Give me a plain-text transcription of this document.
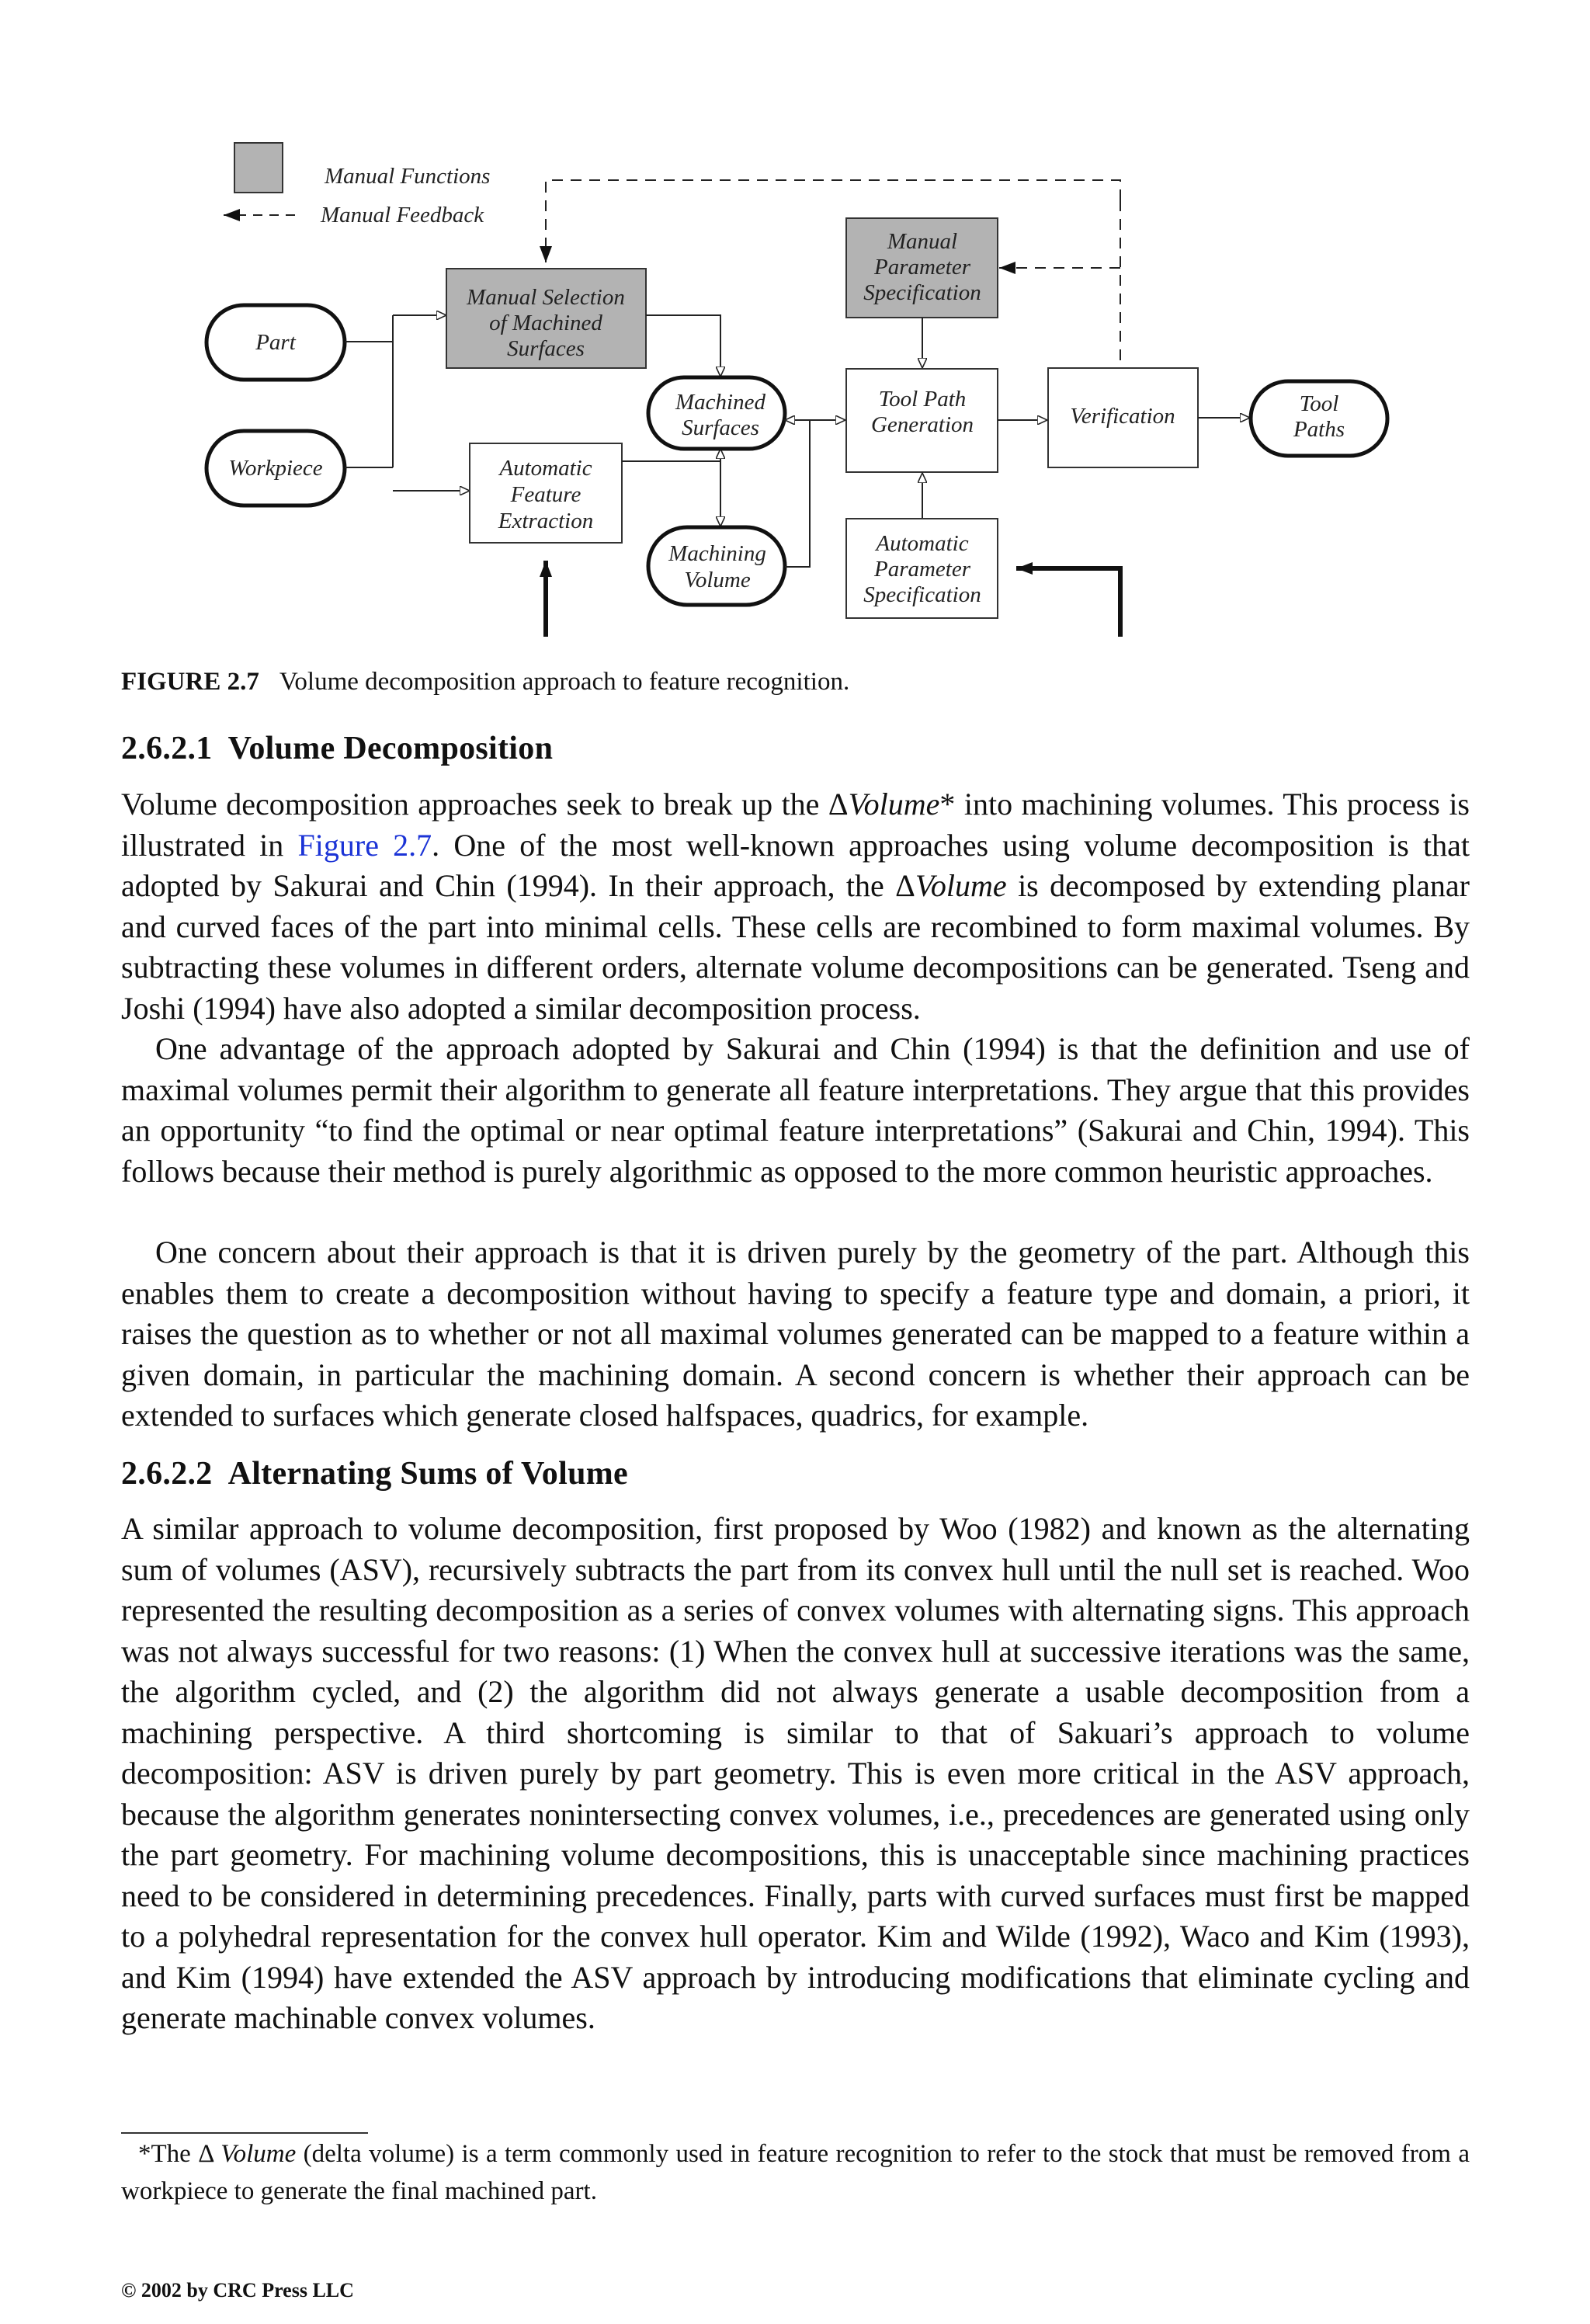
Manual Functions
Manual Feedback
Part
Workpiece
Manual Selection
of Machined
Surfaces
Automatic
Feature
Extraction
Machined
Surfaces
Machining
Volume
Manual
Parameter
Specification
Tool Path
Generation
Automatic
Parameter
Specification
Verification	Tool
Paths
FIGURE 2.7 Volume decomposition approach to feature recognition.
2.6.2.1 Volume Decomposition

Volume decomposition approaches seek to break up the ΔVolume* into machining volumes. This process is illustrated in Figure 2.7. One of the most well-known approaches using volume decomposition is that adopted by Sakurai and Chin (1994). In their approach, the ΔVolume is decomposed by extending planar and curved faces of the part into minimal cells. These cells are recombined to form maximal volumes. By subtracting these volumes in different orders, alternate volume decompositions can be generated. Tseng and Joshi (1994) have also adopted a similar decomposition process.

One advantage of the approach adopted by Sakurai and Chin (1994) is that the definition and use of maximal volumes permit their algorithm to generate all feature interpretations. They argue that this provides an opportunity “to find the optimal or near optimal feature interpretations” (Sakurai and Chin, 1994). This follows because their method is purely algorithmic as opposed to the more common heuristic approaches.

One concern about their approach is that it is driven purely by the geometry of the part. Although this enables them to create a decomposition without having to specify a feature type and domain, a priori, it raises the question as to whether or not all maximal volumes generated can be mapped to a feature within a given domain, in particular the machining domain. A second concern is whether their approach can be extended to surfaces which generate closed halfspaces, quadrics, for example.

2.6.2.2 Alternating Sums of Volume

A similar approach to volume decomposition, first proposed by Woo (1982) and known as the alternating sum of volumes (ASV), recursively subtracts the part from its convex hull until the null set is reached. Woo represented the resulting decomposition as a series of convex volumes with alternating signs. This approach was not always successful for two reasons: (1) When the convex hull at successive iterations was the same, the algorithm cycled, and (2) the algorithm did not always generate a usable decomposition from a machining perspective. A third shortcoming is similar to that of Sakuari’s approach to volume decomposition: ASV is driven purely by part geometry. This is even more critical in the ASV approach, because the algorithm generates nonintersecting convex volumes, i.e., precedences are generated using only the part geometry. For machining volume decompositions, this is unacceptable since machining practices need to be considered in determining precedences. Finally, parts with curved surfaces must first be mapped to a polyhedral representation for the convex hull operator. Kim and Wilde (1992), Waco and Kim (1993), and Kim (1994) have extended the ASV approach by introducing modifications that eliminate cycling and generate machinable convex volumes.

*The Δ Volume (delta volume) is a term commonly used in feature recognition to refer to the stock that must be removed from a workpiece to generate the final machined part.

© 2002 by CRC Press LLC
